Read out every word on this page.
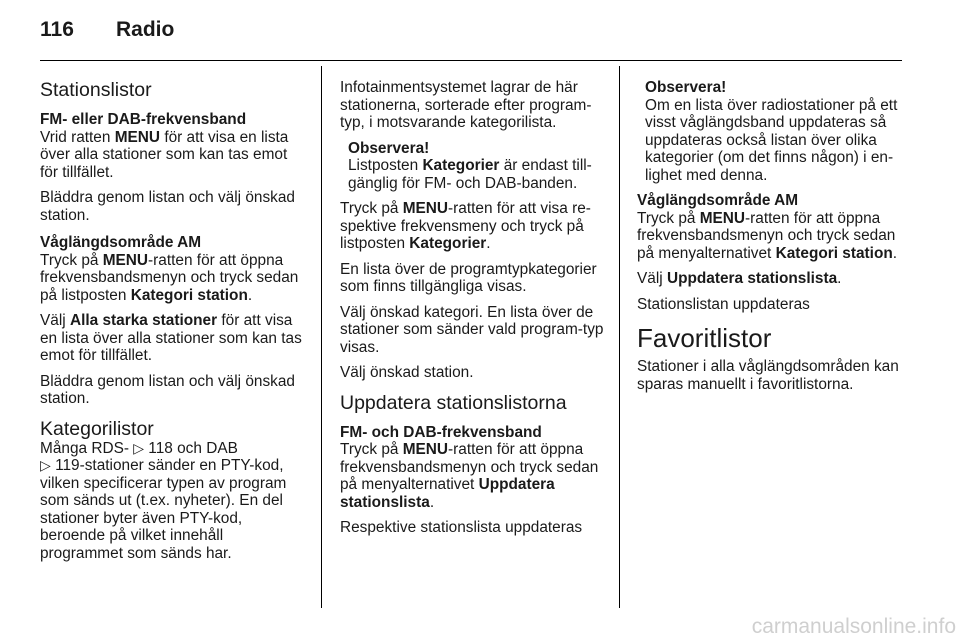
116 Radio
Stationslistor
FM- eller DAB-frekvensband

Vrid ratten MENU för att visa en lista över alla stationer som kan tas emot för tillfället.

Bläddra genom listan och välj önskad station.

Våglängdsområde AM

Tryck på MENU-ratten för att öppna frekvensbandsmenyn och tryck sedan på listposten Kategori station.

Välj Alla starka stationer för att visa en lista över alla stationer som kan tas emot för tillfället.

Bläddra genom listan och välj önskad station.

Kategorilistor

Många RDS- ▷ 118 och DAB
▷ 119-stationer sänder en PTY-kod, vilken specificerar typen av program som sänds ut (t.ex. nyheter). En del stationer byter även PTY-kod, beroende på vilket innehåll programmet som sänds har.

Infotainmentsystemet lagrar de här stationerna, sorterade efter program-typ, i motsvarande kategorilista.

Observera!
Listposten Kategorier är endast till-gänglig för FM- och DAB-banden.

Tryck på MENU-ratten för att visa re-spektive frekvensmeny och tryck på listposten Kategorier.

En lista över de programtypkategorier som finns tillgängliga visas.

Välj önskad kategori. En lista över de stationer som sänder vald program-typ visas.

Välj önskad station.

Uppdatera stationslistorna
FM- och DAB-frekvensband

Tryck på MENU-ratten för att öppna frekvensbandsmenyn och tryck sedan på menyalternativet Uppdatera stationslista.

Respektive stationslista uppdateras

Observera!
Om en lista över radiostationer på ett visst våglängdsband uppdateras så uppdateras också listan över olika kategorier (om det finns någon) i en-lighet med denna.
Våglängdsområde AM

Tryck på MENU-ratten för att öppna frekvensbandsmenyn och tryck sedan på menyalternativet Kategori station.

Välj Uppdatera stationslista.

Stationslistan uppdateras

Favoritlistor

Stationer i alla våglängdsområden kan sparas manuellt i favoritlistorna.

carmanualsonline.info
